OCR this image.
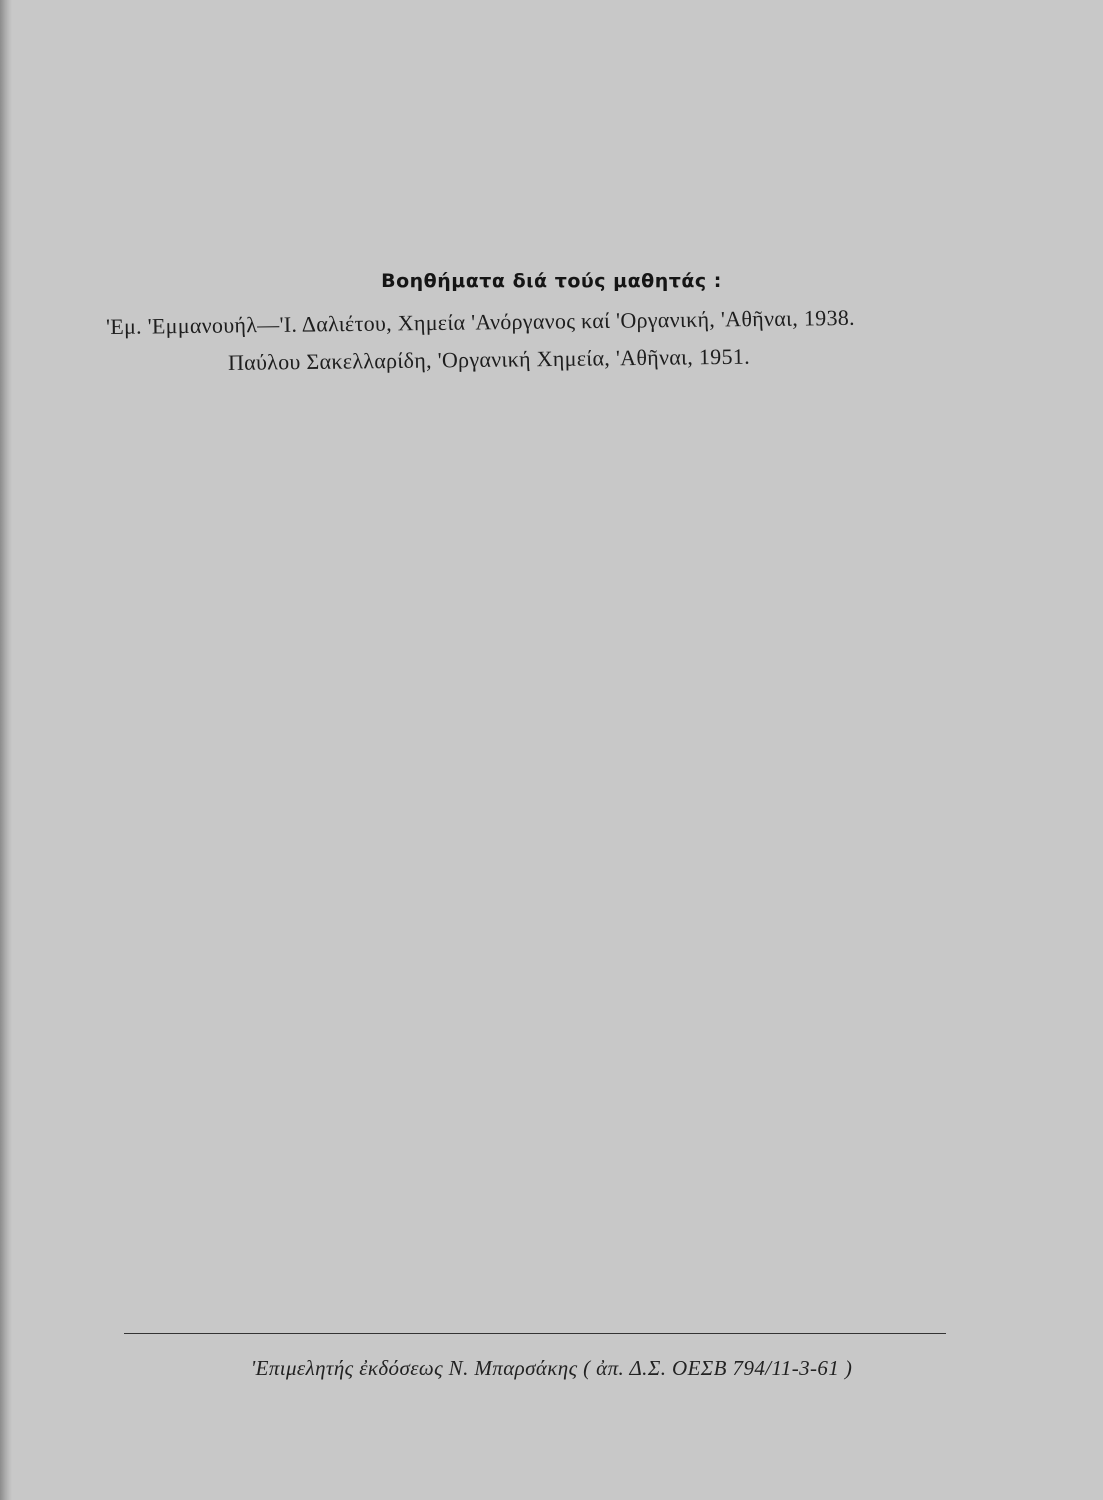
Βοηθήματα διά τούς μαθητάς :
'Εμ. 'Εμμανουήλ—'Ι. Δαλιέτου, Χημεία 'Ανόργανος καί 'Οργανική, 'Αθῆναι, 1938.
Παύλου Σακελλαρίδη, 'Οργανική Χημεία, 'Αθῆναι, 1951.
'Επιμελητής ἐκδόσεως Ν. Μπαρσάκης ( ἀπ. Δ.Σ. ΟΕΣΒ 794/11-3-61 )
